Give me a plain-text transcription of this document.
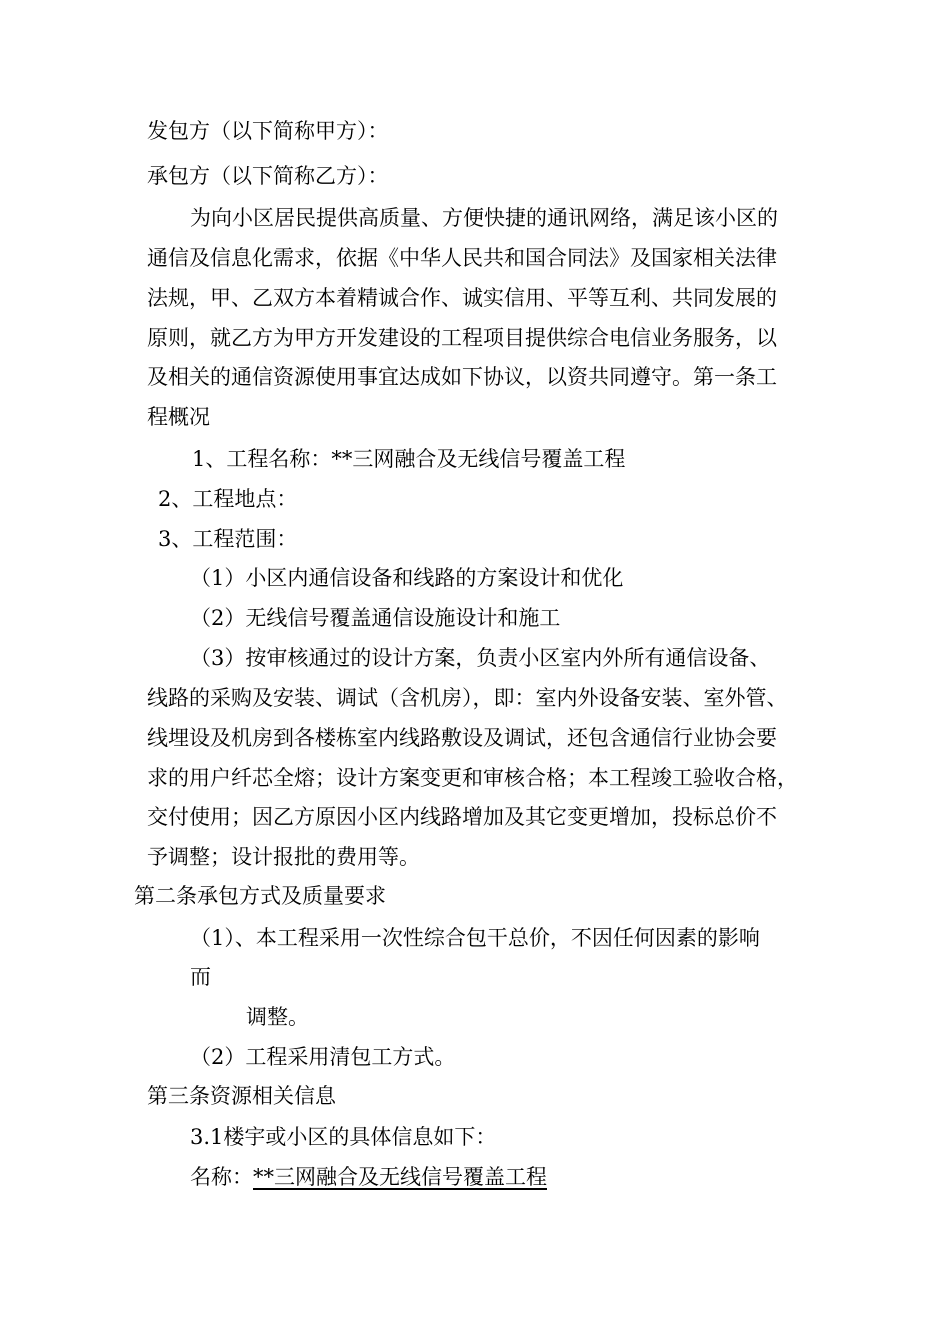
发包方（以下简称甲方）：

承包方（以下简称乙方）：

为向小区居民提供高质量、方便快捷的通讯网络，满足该小区的

通信及信息化需求，依据《中华人民共和国合同法》及国家相关法律

法规，甲、乙双方本着精诚合作、诚实信用、平等互利、共同发展的

原则，就乙方为甲方开发建设的工程项目提供综合电信业务服务，以

及相关的通信资源使用事宜达成如下协议，以资共同遵守。第一条工

程概况

1、工程名称：**三网融合及无线信号覆盖工程

2、工程地点：

3、工程范围：

（1）小区内通信设备和线路的方案设计和优化

（2）无线信号覆盖通信设施设计和施工

（3）按审核通过的设计方案，负责小区室内外所有通信设备、

线路的采购及安装、调试（含机房），即：室内外设备安装、室外管、

线埋设及机房到各楼栋室内线路敷设及调试，还包含通信行业协会要

求的用户纤芯全熔；设计方案变更和审核合格；本工程竣工验收合格，

交付使用；因乙方原因小区内线路增加及其它变更增加，投标总价不

予调整；设计报批的费用等。

第二条承包方式及质量要求

（1）、本工程采用一次性综合包干总价，不因任何因素的影响

而

调整。

（2）工程采用清包工方式。

第三条资源相关信息

3.1楼宇或小区的具体信息如下：

名称：**三网融合及无线信号覆盖工程
